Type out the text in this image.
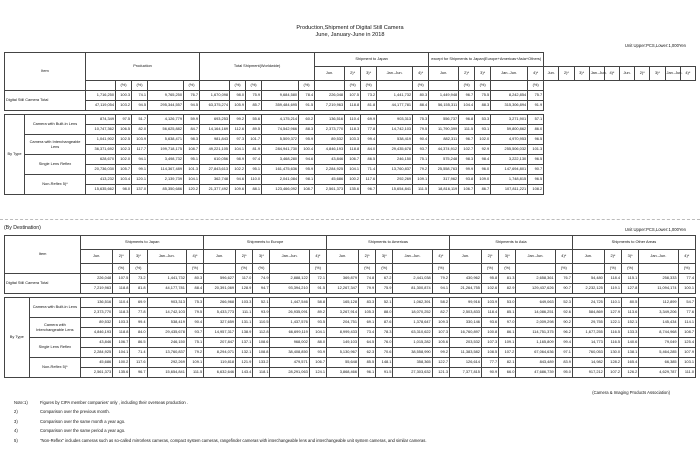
Production,Shipment of Digital Still Camera
June, January-June in 2018
Unit Upper:PCS,Lower:1,000Yen
Item		Production					Total Shipment(Worldwide)					Shipment to Japan					except for Shipments to Japan(Europe+Americas+Asia+Others)														
												Jun.	2)*	3)*	Jan.-Jun.	4)*	Jun.	2)*	3)*	Jan.-Jun.	4)*	Jun.	2)*	3)*	Jan.-Jun.	4)*	Jun.	2)*	3)*	Jan.-Jun.	4)*
			(%)	(%)		(%)		(%)	(%)		(%)		(%)	(%)		(%)		(%)	(%)		(%)										
Digital Still Camera Total		1,716,250	100.3	74.1	9,765,250	76.7	1,670,098	98.0	75.9	9,684,580	78.4	226,048	107.5	73.2	1,441,732	80.3	1,449,948	96.7	75.5	8,242,854	75.7										
		47,119,054	103.2	94.5	295,344,557	94.5	63,375,274	105.9	85.7	359,484,695	91.5	7,219,963	118.8	81.8	44,177,781	88.4	56,155,311	104.4	88.3	315,306,894	91.9										

By Type	Camera with Built-in Lens	874,349	97.5	51.7	4,126,779	59.9	693,253	99.2	55.6	4,175,214	60.2	136,516	110.4	69.9	903,313	75.3	556,737	96.8	53.3	3,271,901	57.1										
		10,747,362	106.5	82.0	56,625,882	84.7	14,164,169	112.6	89.5	74,542,966	88.3	2,373,770	118.3	77.8	14,742,103	79.5	11,790,399	111.5	93.1	59,800,862	86.0										
	Camera with Interchangeable Lens	1,041,902	102.5	103.9	5,638,471	98.3	981,843	97.3	101.7	5,509,372	95.9	89,532	103.3	99.4	538,419	90.4	882,311	96.7	102.0	4,970,953	96.5										
		36,371,692	102.3	117.7	199,718,175	108.7	49,221,105	104.1	81.9	284,941,730	100.4	4,846,193	118.8	84.0	29,435,678	93.7	44,374,912	102.7	92.9	255,506,032	101.3										
	Single Lens Reflex	628,670	102.0	94.1	3,498,732	95.1	610,056	98.9	97.4	3,468,280	94.6	43,846	106.7	86.5	246,150	75.1	575,248	98.3	98.4	3,222,130	96.5										
		20,736,030	105.7	99.1	114,367,489	101.3	27,843,613	102.2	95.1	161,475,636	95.9	2,284,925	104.1	71.4	13,760,837	79.2	25,558,763	99.9	96.0	147,694,801	90.7										
	Non-Reflex 5)*	413,232	103.4	120.1	2,139,739	104.1	362,748	94.6	110.0	2,041,084	98.1	45,686	100.2	117.6	292,269	109.1	317,962	93.8	109.0	1,748,815	96.5										
		15,635,662	98.0	137.0	85,350,686	120.2	21,377,492	109.6	88.1	123,466,092	108.7	2,561,373	135.6	96.7	15,654,841	111.5	18,816,119	106.7	86.7	107,811,221	108.2										
(By Destination)	Unit Upper:PCS,Lower:1,000Yen
Item		Shipments to Japan					Shipments to Europe					Shipments to Americas					Shipments to Asia					Shipments to Other Areas				
		Jun.	2)*	3)*	Jan.-Jun.	4)*	Jun.	2)*	3)*	Jan.-Jun.	4)*	Jun.	2)*	3)*	Jan.-Jun.	4)*	Jun.	2)*	3)*	Jan.-Jun.	4)*	Jun.	2)*	3)*	Jan.-Jun.	4)*
			(%)	(%)		(%)		(%)	(%)		(%)		(%)	(%)		(%)		(%)	(%)		(%)		(%)	(%)		(%)
Digital Still Camera Total		226,048	107.5	73.2	1,441,732	80.3	596,627	117.0	74.9	2,888,122	72.1	369,879	74.8	67.2	2,441,038	79.2	430,962	95.8	81.3	2,658,361	76.7	54,480	118.4	115.1	258,333	77.4
		7,219,963	118.8	81.8	44,177,781	88.4	20,391,069	128.9	94.7	93,394,210	91.5	12,267,347	79.9	75.9	81,300,874	94.1	21,264,755	102.6	82.9	129,437,626	90.7	2,232,125	119.1	127.8	11,094,174	100.1

By Type	Camera with Built-in Lens	136,516	110.4	69.9	903,313	75.3	266,968	103.3	52.1	1,447,546	58.8	165,128	83.3	52.1	1,062,391	58.2	99,916	103.9	53.0	649,063	52.3	24,725	110.1	80.5	112,899	54.7
		2,373,770	118.3	77.8	14,742,103	79.5	5,433,773	111.1	93.9	26,935,091	89.2	3,267,914	105.3	88.0	18,070,252	82.7	2,503,833	118.4	85.1	14,086,251	92.6	584,869	127.9	113.6	3,349,206	77.6
	Camera with Interchangeable Lens	89,532	103.3	99.4	538,419	90.4	327,659	131.1	110.5	1,437,576	93.5	204,751	69.1	87.6	1,378,647	109.3	330,146	93.6	97.0	2,009,298	90.2	29,755	122.1	152.1	145,434	114.1
		4,846,193	118.8	84.0	29,435,678	93.7	14,957,317	138.9	112.8	66,699,119	104.1	8,999,433	73.4	78.3	63,310,622	107.3	16,760,897	100.8	86.1	114,751,375	96.2	1,677,255	116.5	133.3	8,744,968	108.7
	Single Lens Reflex	43,846	106.7	86.5	246,150	75.1	207,847	137.1	108.6	968,002	88.0	149,103	64.5	76.0	1,015,282	105.6	203,532	107.3	109.1	1,165,809	99.4	14,773	116.5	140.6	79,049	125.4
		2,284,925	104.1	71.4	13,760,837	79.2	8,294,071	132.1	108.8	38,408,850	93.9	5,130,967	62.3	70.6	38,558,990	99.2	11,383,582	108.5	107.2	67,064,636	97.1	760,053	130.0	138.1	5,464,285	107.9
	Non-Reflex 5)*	45,686	100.2	117.6	292,269	109.1	119,818	121.9	133.2	479,571	106.7	55,648	85.5	148.1	358,365	122.7	126,614	77.7	82.1	843,489	83.9	14,982	128.2	165.4	66,385	103.1
		2,561,373	135.6	96.7	15,654,841	111.5	6,632,646	143.4	118.1	28,291,063	124.1	3,868,466	96.1	91.5	27,303,632	121.3	7,377,815	90.9	66.0	47,686,739	95.0	917,212	107.2	126.2	4,629,787	111.0
(Camera & Imaging Products Association)
Note:1)	Figures by CIPA member companies' only , including their overseas production .
2)	Comparison over the previous month.
3)	Comparison over the same month a year ago.
4)	Comparison over the same period a year ago.
5)	"Non-Reflex" includes cameras such as so-called mirrorless cameras, compact system cameras, rangefinder cameras with interchangeable lens and interchangeable unit system cameras, and similar cameras.
